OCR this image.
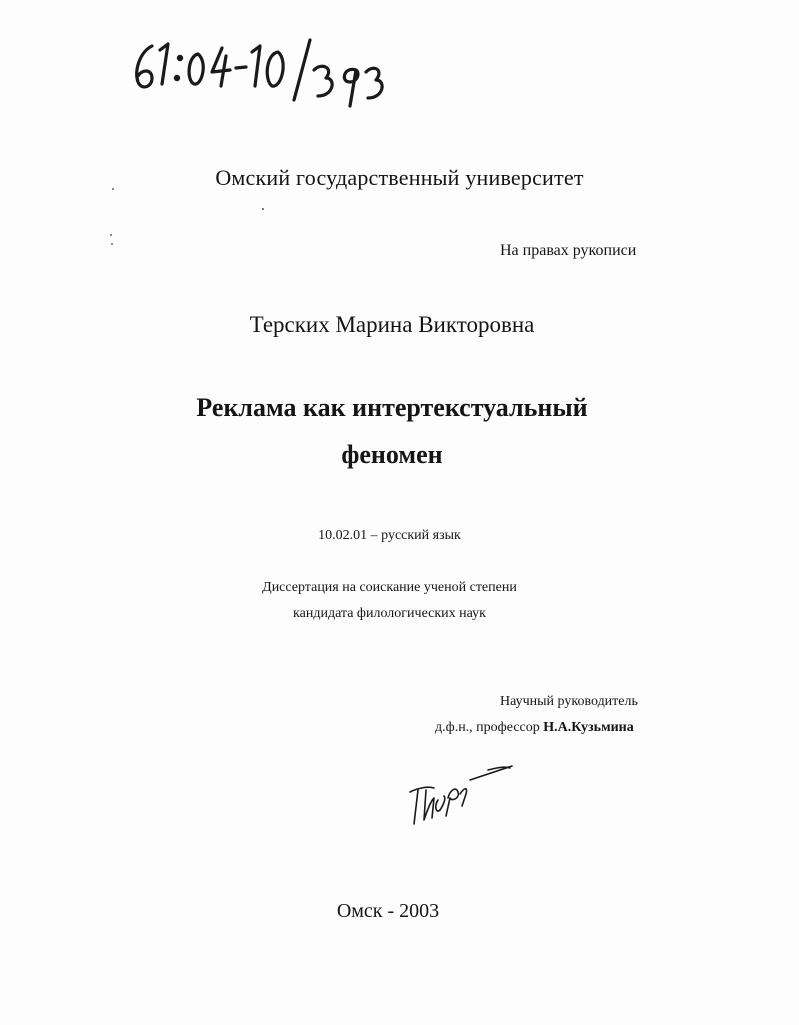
Омский государственный университет
На правах рукописи
Терских Марина Викторовна
Реклама как интертекстуальный
феномен
10.02.01 – русский язык
Диссертация на соискание ученой степени
кандидата филологических наук
Научный руководитель
д.ф.н., профессор Н.А.Кузьмина
Омск - 2003
